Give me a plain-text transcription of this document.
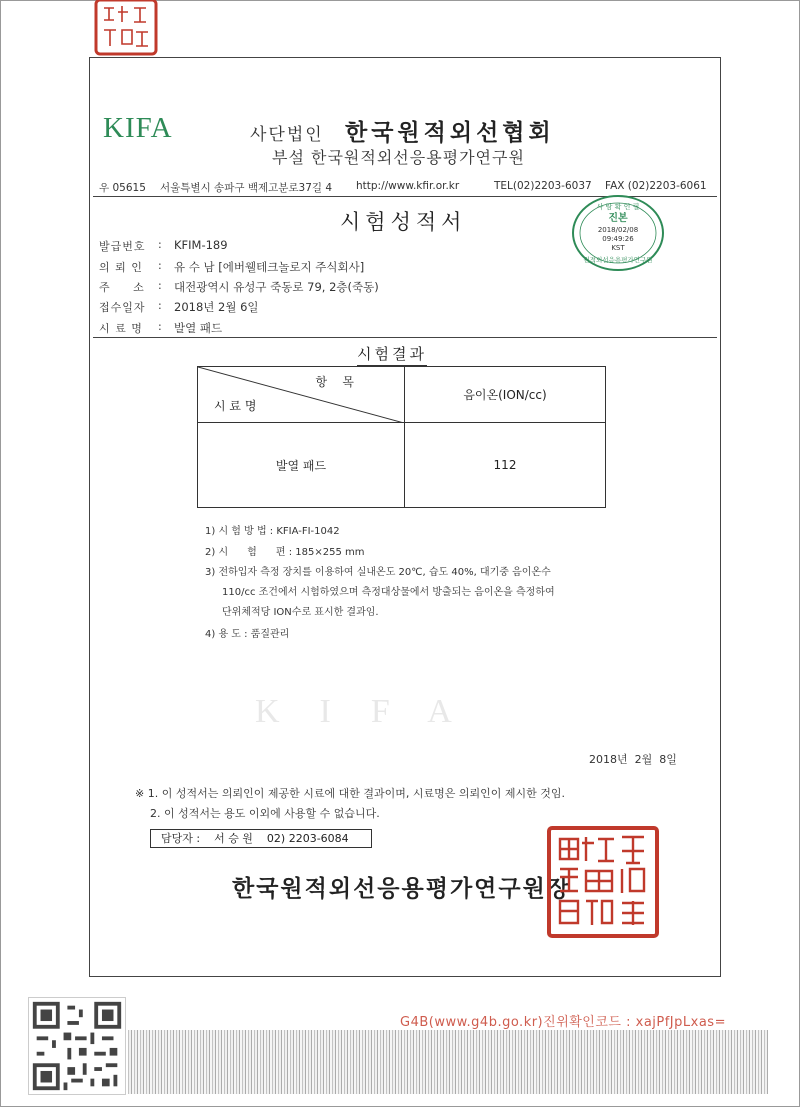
KIFA	사단법인 한국원적외선협회
부설 한국원적외선응용평가연구원
우 05615 서울특별시 송파구 백제고분로37길 4 http://www.kfir.or.kr	TEL(02)2203-6037 FAX (02)2203-6061
사 람 확 인 필
진본
2018/02/08
09:49:26
KST
원적외선응용평가연구원
시험성적서
발급번호 : KFIM-189
의 뢰 인 : 유 수 남 [에버웰테크놀로지 주식회사]
주     소 : 대전광역시 유성구 죽동로 79, 2층(죽동)
접수일자 : 2018년 2월 6일
시 료 명 : 발열 패드
시험결과
항    목
시 료 명	음이온(ION/cc)
발열 패드	112
1) 시 험 방 법 : KFIA-FI-1042
2) 시      험      편 : 185×255 mm
3) 전하입자 측정 장치를 이용하여 실내온도 20℃, 습도 40%, 대기중 음이온수
110/cc 조건에서 시험하였으며 측정대상물에서 방출되는 음이온을 측정하여
단위체적당 ION수로 표시한 결과임.
4) 용 도 : 품질관리
KIFA
2018년  2월  8일
※ 1. 이 성적서는 의뢰인이 제공한 시료에 대한 결과이며, 시료명은 의뢰인이 제시한 것임.
2. 이 성적서는 용도 이외에 사용할 수 없습니다.
담당자 :    서 승 원    02) 2203-6084
한국원적외선응용평가연구원장
G4B(www.g4b.go.kr)진위확인코드 : xajPfJpLxas=
